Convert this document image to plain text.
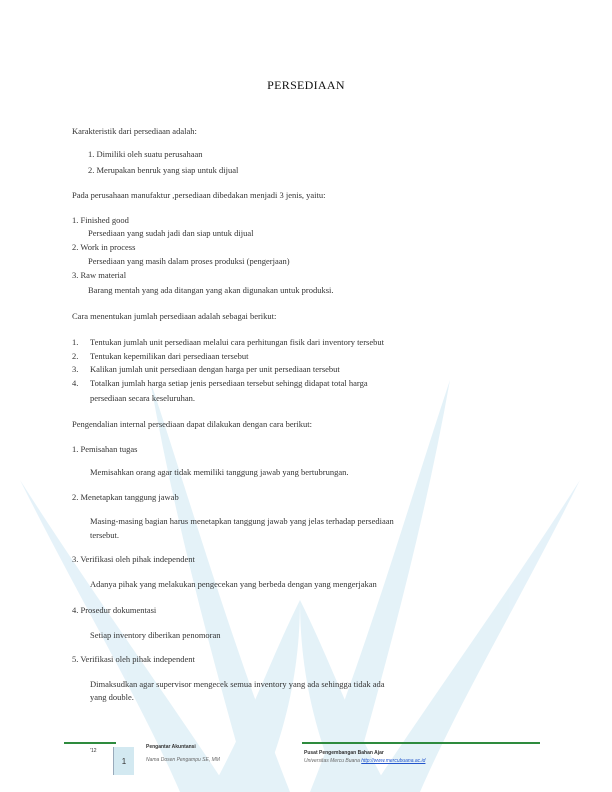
PERSEDIAAN
Karakteristik dari persediaan adalah:
1. Dimiliki oleh suatu perusahaan
2. Merupakan benruk yang siap untuk dijual
Pada perusahaan manufaktur ,persediaan dibedakan menjadi 3 jenis, yaitu:
1. Finished good
Persediaan yang sudah jadi dan siap untuk dijual
2. Work in process
Persediaan yang masih dalam proses produksi (pengerjaan)
3. Raw material
Barang mentah yang ada ditangan yang akan digunakan untuk produksi.
Cara menentukan jumlah persediaan adalah sebagai berikut:
1. Tentukan jumlah unit persediaan melalui cara perhitungan fisik dari inventory tersebut
2. Tentukan kepemilikan dari persediaan tersebut
3. Kalikan jumlah unit persediaan dengan harga per unit persediaan tersebut
4. Totalkan jumlah harga setiap jenis persediaan tersebut sehingg didapat total harga
persediaan secara keseluruhan.
Pengendalian internal persediaan dapat dilakukan dengan cara berikut:
1. Pemisahan tugas
Memisahkan orang agar tidak memiliki tanggung jawab yang bertubrungan.
2. Menetapkan tanggung jawab
Masing-masing bagian harus menetapkan tanggung jawab yang jelas terhadap persediaan
tersebut.
3. Verifikasi oleh pihak independent
Adanya pihak yang melakukan pengecekan yang berbeda dengan yang mengerjakan
4. Prosedur dokumentasi
Setiap inventory diberikan penomoran
5. Verifikasi oleh pihak independent
Dimaksudkan agar supervisor mengecek semua inventory yang ada sehingga tidak ada
yang double.
'12
1
Pengantar Akuntansi
Nama Dosen Pengampu SE, MM
Pusat Pengembangan Bahan Ajar
Universitas Mercu Buana http://www.mercubuana.ac.id
